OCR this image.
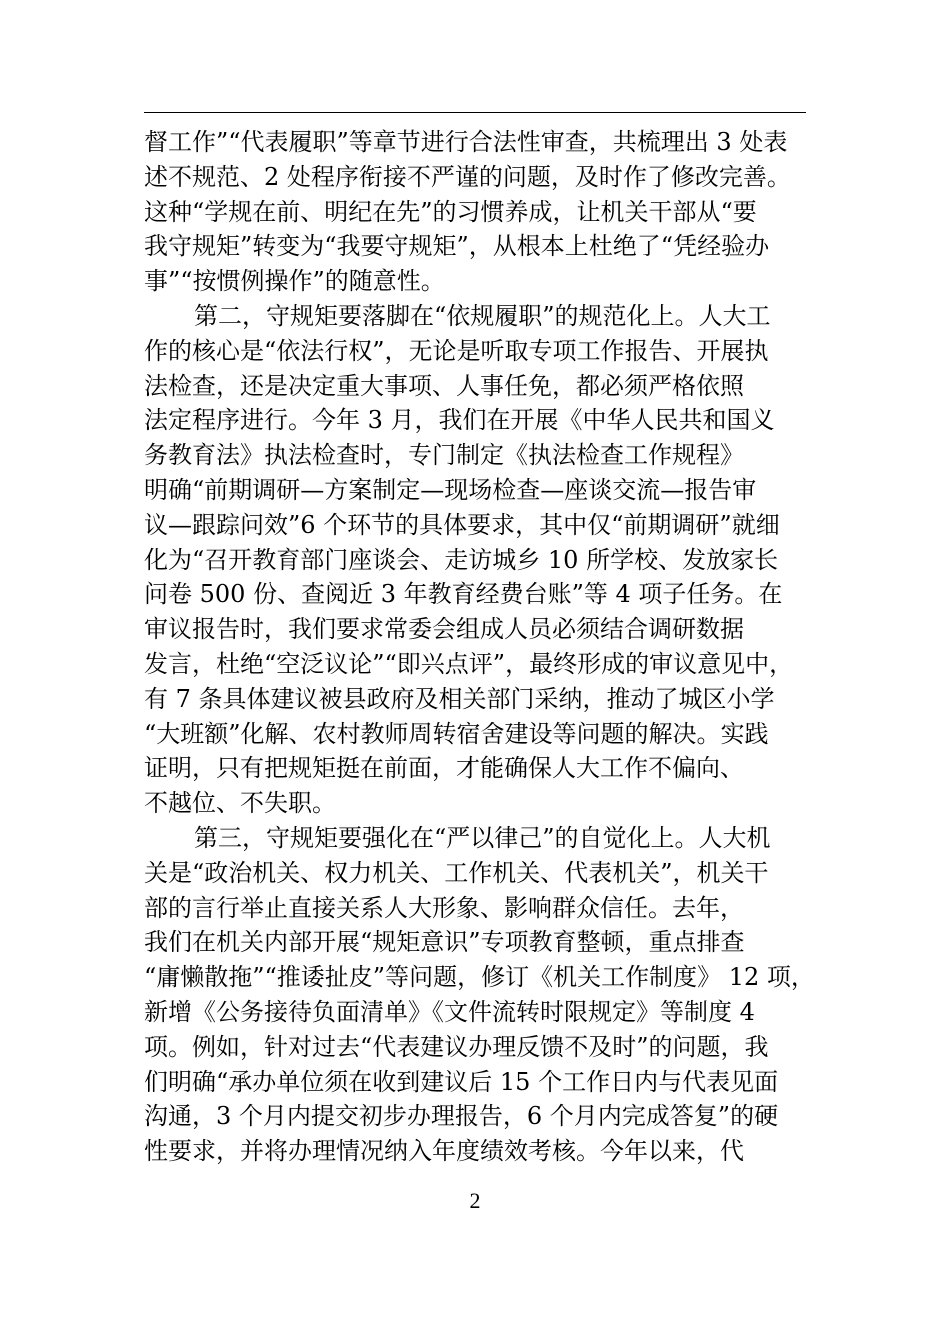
督工作”“代表履职”等章节进行合法性审查，共梳理出 3 处表
述不规范、2 处程序衔接不严谨的问题，及时作了修改完善。
这种“学规在前、明纪在先”的习惯养成，让机关干部从“要
我守规矩”转变为“我要守规矩”，从根本上杜绝了“凭经验办
事”“按惯例操作”的随意性。

第二，守规矩要落脚在“依规履职”的规范化上。人大工
作的核心是“依法行权”，无论是听取专项工作报告、开展执
法检查，还是决定重大事项、人事任免，都必须严格依照
法定程序进行。今年 3 月，我们在开展《中华人民共和国义
务教育法》执法检查时，专门制定《执法检查工作规程》
明确“前期调研—方案制定—现场检查—座谈交流—报告审
议—跟踪问效”6 个环节的具体要求，其中仅“前期调研”就细
化为“召开教育部门座谈会、走访城乡 10 所学校、发放家长
问卷 500 份、查阅近 3 年教育经费台账”等 4 项子任务。在
审议报告时，我们要求常委会组成人员必须结合调研数据
发言，杜绝“空泛议论”“即兴点评”，最终形成的审议意见中，
有 7 条具体建议被县政府及相关部门采纳，推动了城区小学
“大班额”化解、农村教师周转宿舍建设等问题的解决。实践
证明，只有把规矩挺在前面，才能确保人大工作不偏向、
不越位、不失职。

第三，守规矩要强化在“严以律己”的自觉化上。人大机
关是“政治机关、权力机关、工作机关、代表机关”，机关干
部的言行举止直接关系人大形象、影响群众信任。去年，
我们在机关内部开展“规矩意识”专项教育整顿，重点排查
“庸懒散拖”“推诿扯皮”等问题，修订《机关工作制度》 12 项，
新增《公务接待负面清单》《文件流转时限规定》等制度 4
项。例如，针对过去“代表建议办理反馈不及时”的问题，我
们明确“承办单位须在收到建议后 15 个工作日内与代表见面
沟通，3 个月内提交初步办理报告，6 个月内完成答复”的硬
性要求，并将办理情况纳入年度绩效考核。今年以来，代

2
